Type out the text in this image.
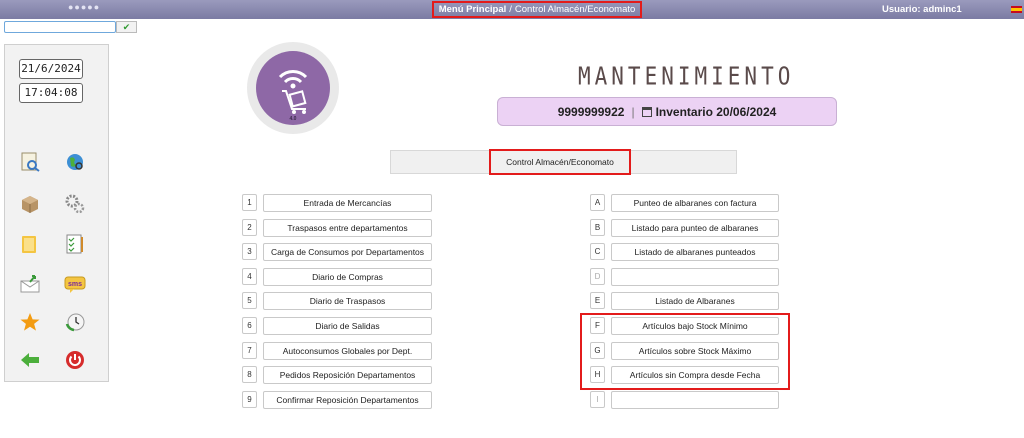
●●●●●	Menú Principal / Control Almacén/Economato	Usuario: adminc1
✔
21/6/2024
17:04:08
sms
4.0
MANTENIMIENTO
9999999922 | Inventario 20/06/2024
Control Almacén/Economato
1	Entrada de Mercancías
2	Traspasos entre departamentos
3	Carga de Consumos por Departamentos
4	Diario de Compras
5	Diario de Traspasos
6	Diario de Salidas
7	Autoconsumos Globales por Dept.
8	Pedidos Reposición Departamentos
9	Confirmar Reposición Departamentos
A	Punteo de albaranes con factura
B	Listado para punteo de albaranes
C	Listado de albaranes punteados
D
E	Listado de Albaranes
F	Artículos bajo Stock Mínimo
G	Artículos sobre Stock Máximo
H	Artículos sin Compra desde Fecha
I
